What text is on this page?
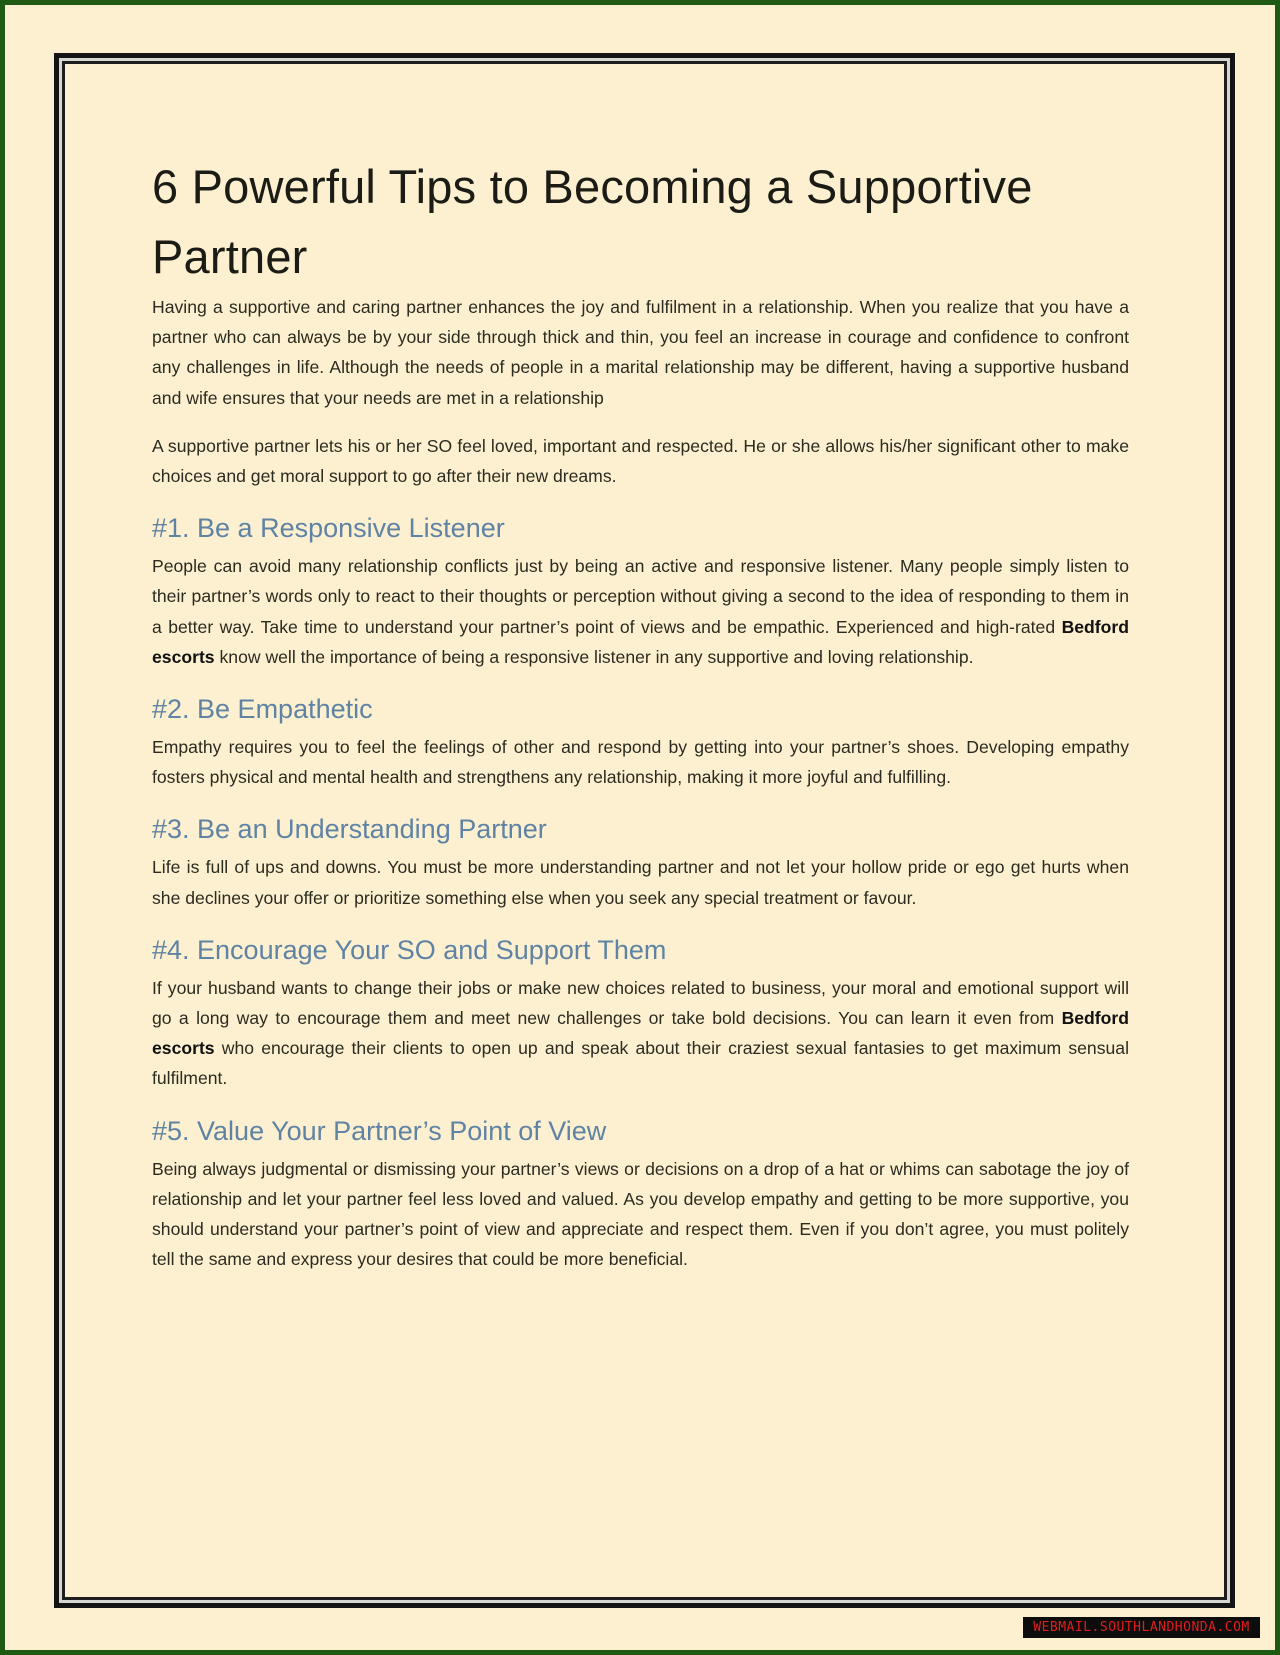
6 Powerful Tips to Becoming a Supportive Partner

Having a supportive and caring partner enhances the joy and fulfilment in a relationship. When you realize that you have a partner who can always be by your side through thick and thin, you feel an increase in courage and confidence to confront any challenges in life. Although the needs of people in a marital relationship may be different, having a supportive husband and wife ensures that your needs are met in a relationship

A supportive partner lets his or her SO feel loved, important and respected. He or she allows his/her significant other to make choices and get moral support to go after their new dreams.

#1. Be a Responsive Listener

People can avoid many relationship conflicts just by being an active and responsive listener. Many people simply listen to their partner’s words only to react to their thoughts or perception without giving a second to the idea of responding to them in a better way. Take time to understand your partner’s point of views and be empathic. Experienced and high-rated Bedford escorts know well the importance of being a responsive listener in any supportive and loving relationship.

#2. Be Empathetic

Empathy requires you to feel the feelings of other and respond by getting into your partner’s shoes. Developing empathy fosters physical and mental health and strengthens any relationship, making it more joyful and fulfilling.

#3. Be an Understanding Partner

Life is full of ups and downs. You must be more understanding partner and not let your hollow pride or ego get hurts when she declines your offer or prioritize something else when you seek any special treatment or favour.

#4. Encourage Your SO and Support Them

If your husband wants to change their jobs or make new choices related to business, your moral and emotional support will go a long way to encourage them and meet new challenges or take bold decisions. You can learn it even from Bedford escorts who encourage their clients to open up and speak about their craziest sexual fantasies to get maximum sensual fulfilment.

#5. Value Your Partner’s Point of View

Being always judgmental or dismissing your partner’s views or decisions on a drop of a hat or whims can sabotage the joy of relationship and let your partner feel less loved and valued. As you develop empathy and getting to be more supportive, you should understand your partner’s point of view and appreciate and respect them. Even if you don’t agree, you must politely tell the same and express your desires that could be more beneficial.

WEBMAIL.SOUTHLANDHONDA.COM
